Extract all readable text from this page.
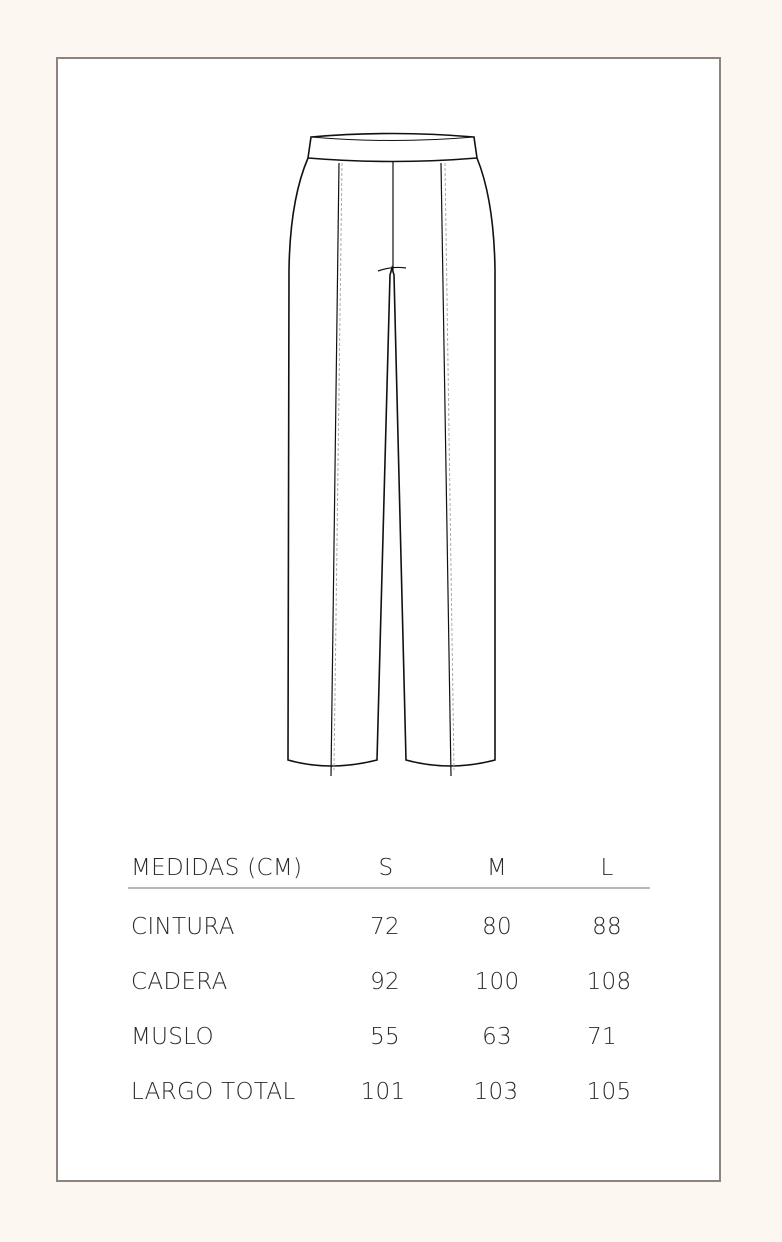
MEDIDAS (CM)	S	M	L
CINTURA	72	80	88
CADERA	92	100	108
MUSLO	55	63	71
LARGO TOTAL	101	103	105
